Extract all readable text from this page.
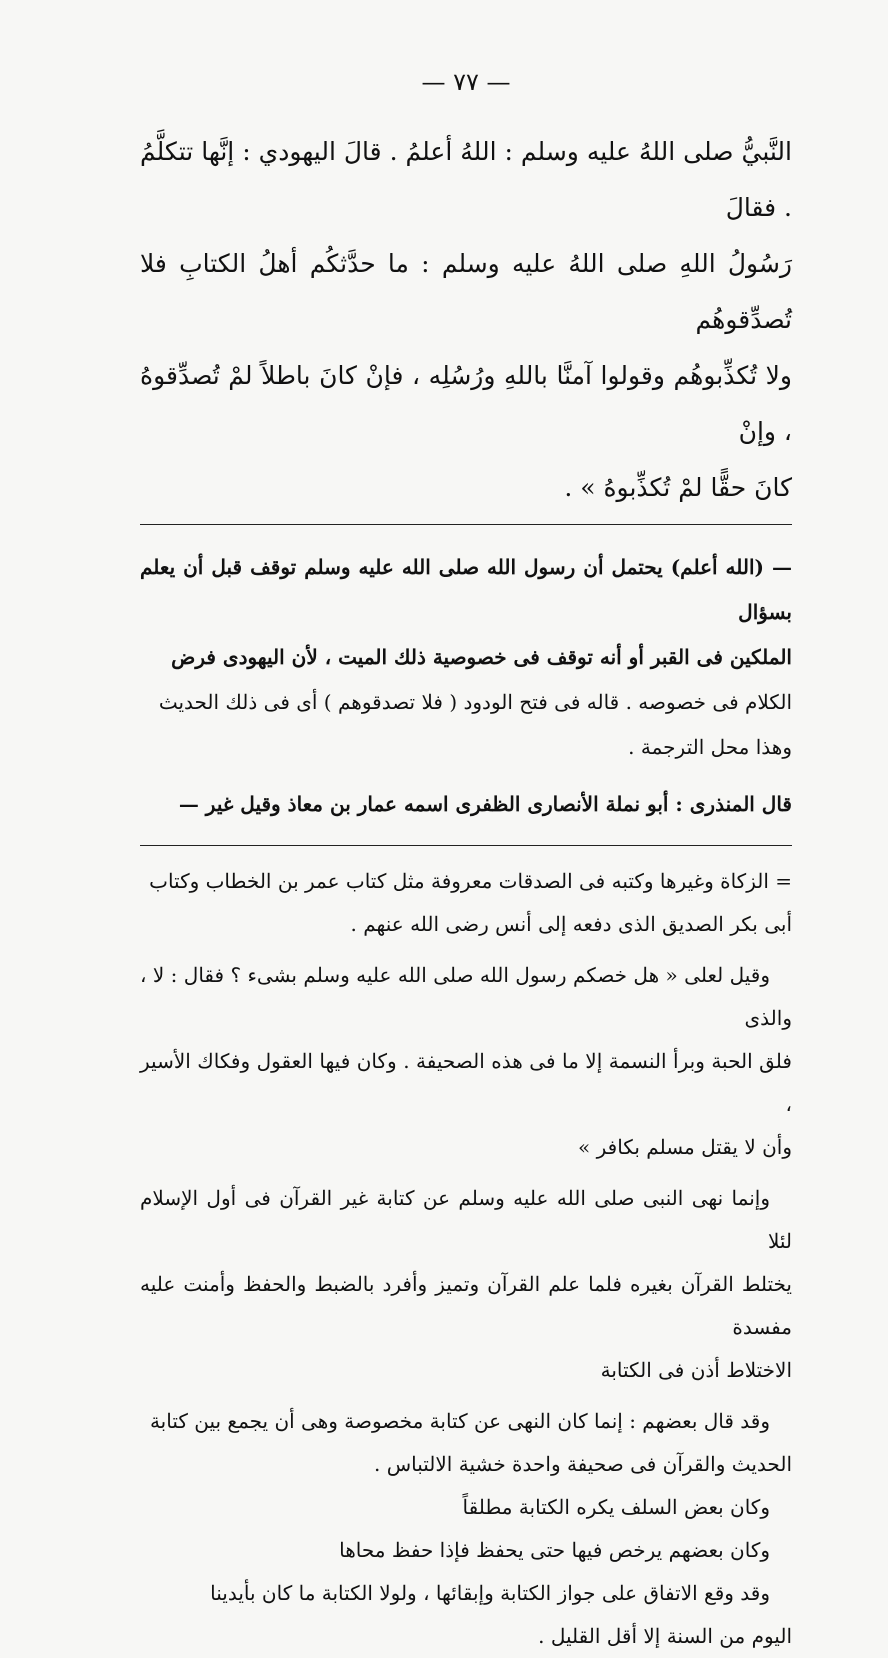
— ٧٧ —

النَّبيُّ صلى اللهُ عليه وسلم : اللهُ أعلمُ . قالَ اليهودي : إنَّها تتكلَّمُ . فقالَ

رَسُولُ اللهِ صلى اللهُ عليه وسلم : ما حدَّثكُم أهلُ الكتابِ فلا تُصدِّقوهُم

ولا تُكذِّبوهُم وقولوا آمنَّا باللهِ ورُسُلِه ، فإنْ كانَ باطلاً لمْ تُصدِّقوهُ ، وإنْ

كانَ حقًّا لمْ تُكذِّبوهُ » .

— (الله أعلم) يحتمل أن رسول الله صلى الله عليه وسلم توقف قبل أن يعلم بسؤال

الملكين فى القبر أو أنه توقف فى خصوصية ذلك الميت ، لأن اليهودى فرض

الكلام فى خصوصه . قاله فى فتح الودود ( فلا تصدقوهم ) أى فى ذلك الحديث

وهذا محل الترجمة .

قال المنذرى : أبو نملة الأنصارى الظفرى اسمه عمار بن معاذ وقيل غير —

= الزكاة وغيرها وكتبه فى الصدقات معروفة مثل كتاب عمر بن الخطاب وكتاب

أبى بكر الصديق الذى دفعه إلى أنس رضى الله عنهم .

وقيل لعلى « هل خصكم رسول الله صلى الله عليه وسلم بشىء ؟ فقال : لا ، والذى

فلق الحبة وبرأ النسمة إلا ما فى هذه الصحيفة . وكان فيها العقول وفكاك الأسير ،

وأن لا يقتل مسلم بكافر »

وإنما نهى النبى صلى الله عليه وسلم عن كتابة غير القرآن فى أول الإسلام لئلا

يختلط القرآن بغيره فلما علم القرآن وتميز وأفرد بالضبط والحفظ وأمنت عليه مفسدة

الاختلاط أذن فى الكتابة

وقد قال بعضهم : إنما كان النهى عن كتابة مخصوصة وهى أن يجمع بين كتابة

الحديث والقرآن فى صحيفة واحدة خشية الالتباس .

وكان بعض السلف يكره الكتابة مطلقاً

وكان بعضهم يرخص فيها حتى يحفظ فإذا حفظ محاها

وقد وقع الاتفاق على جواز الكتابة وإبقائها ، ولولا الكتابة ما كان بأيدينا

اليوم من السنة إلا أقل القليل .
